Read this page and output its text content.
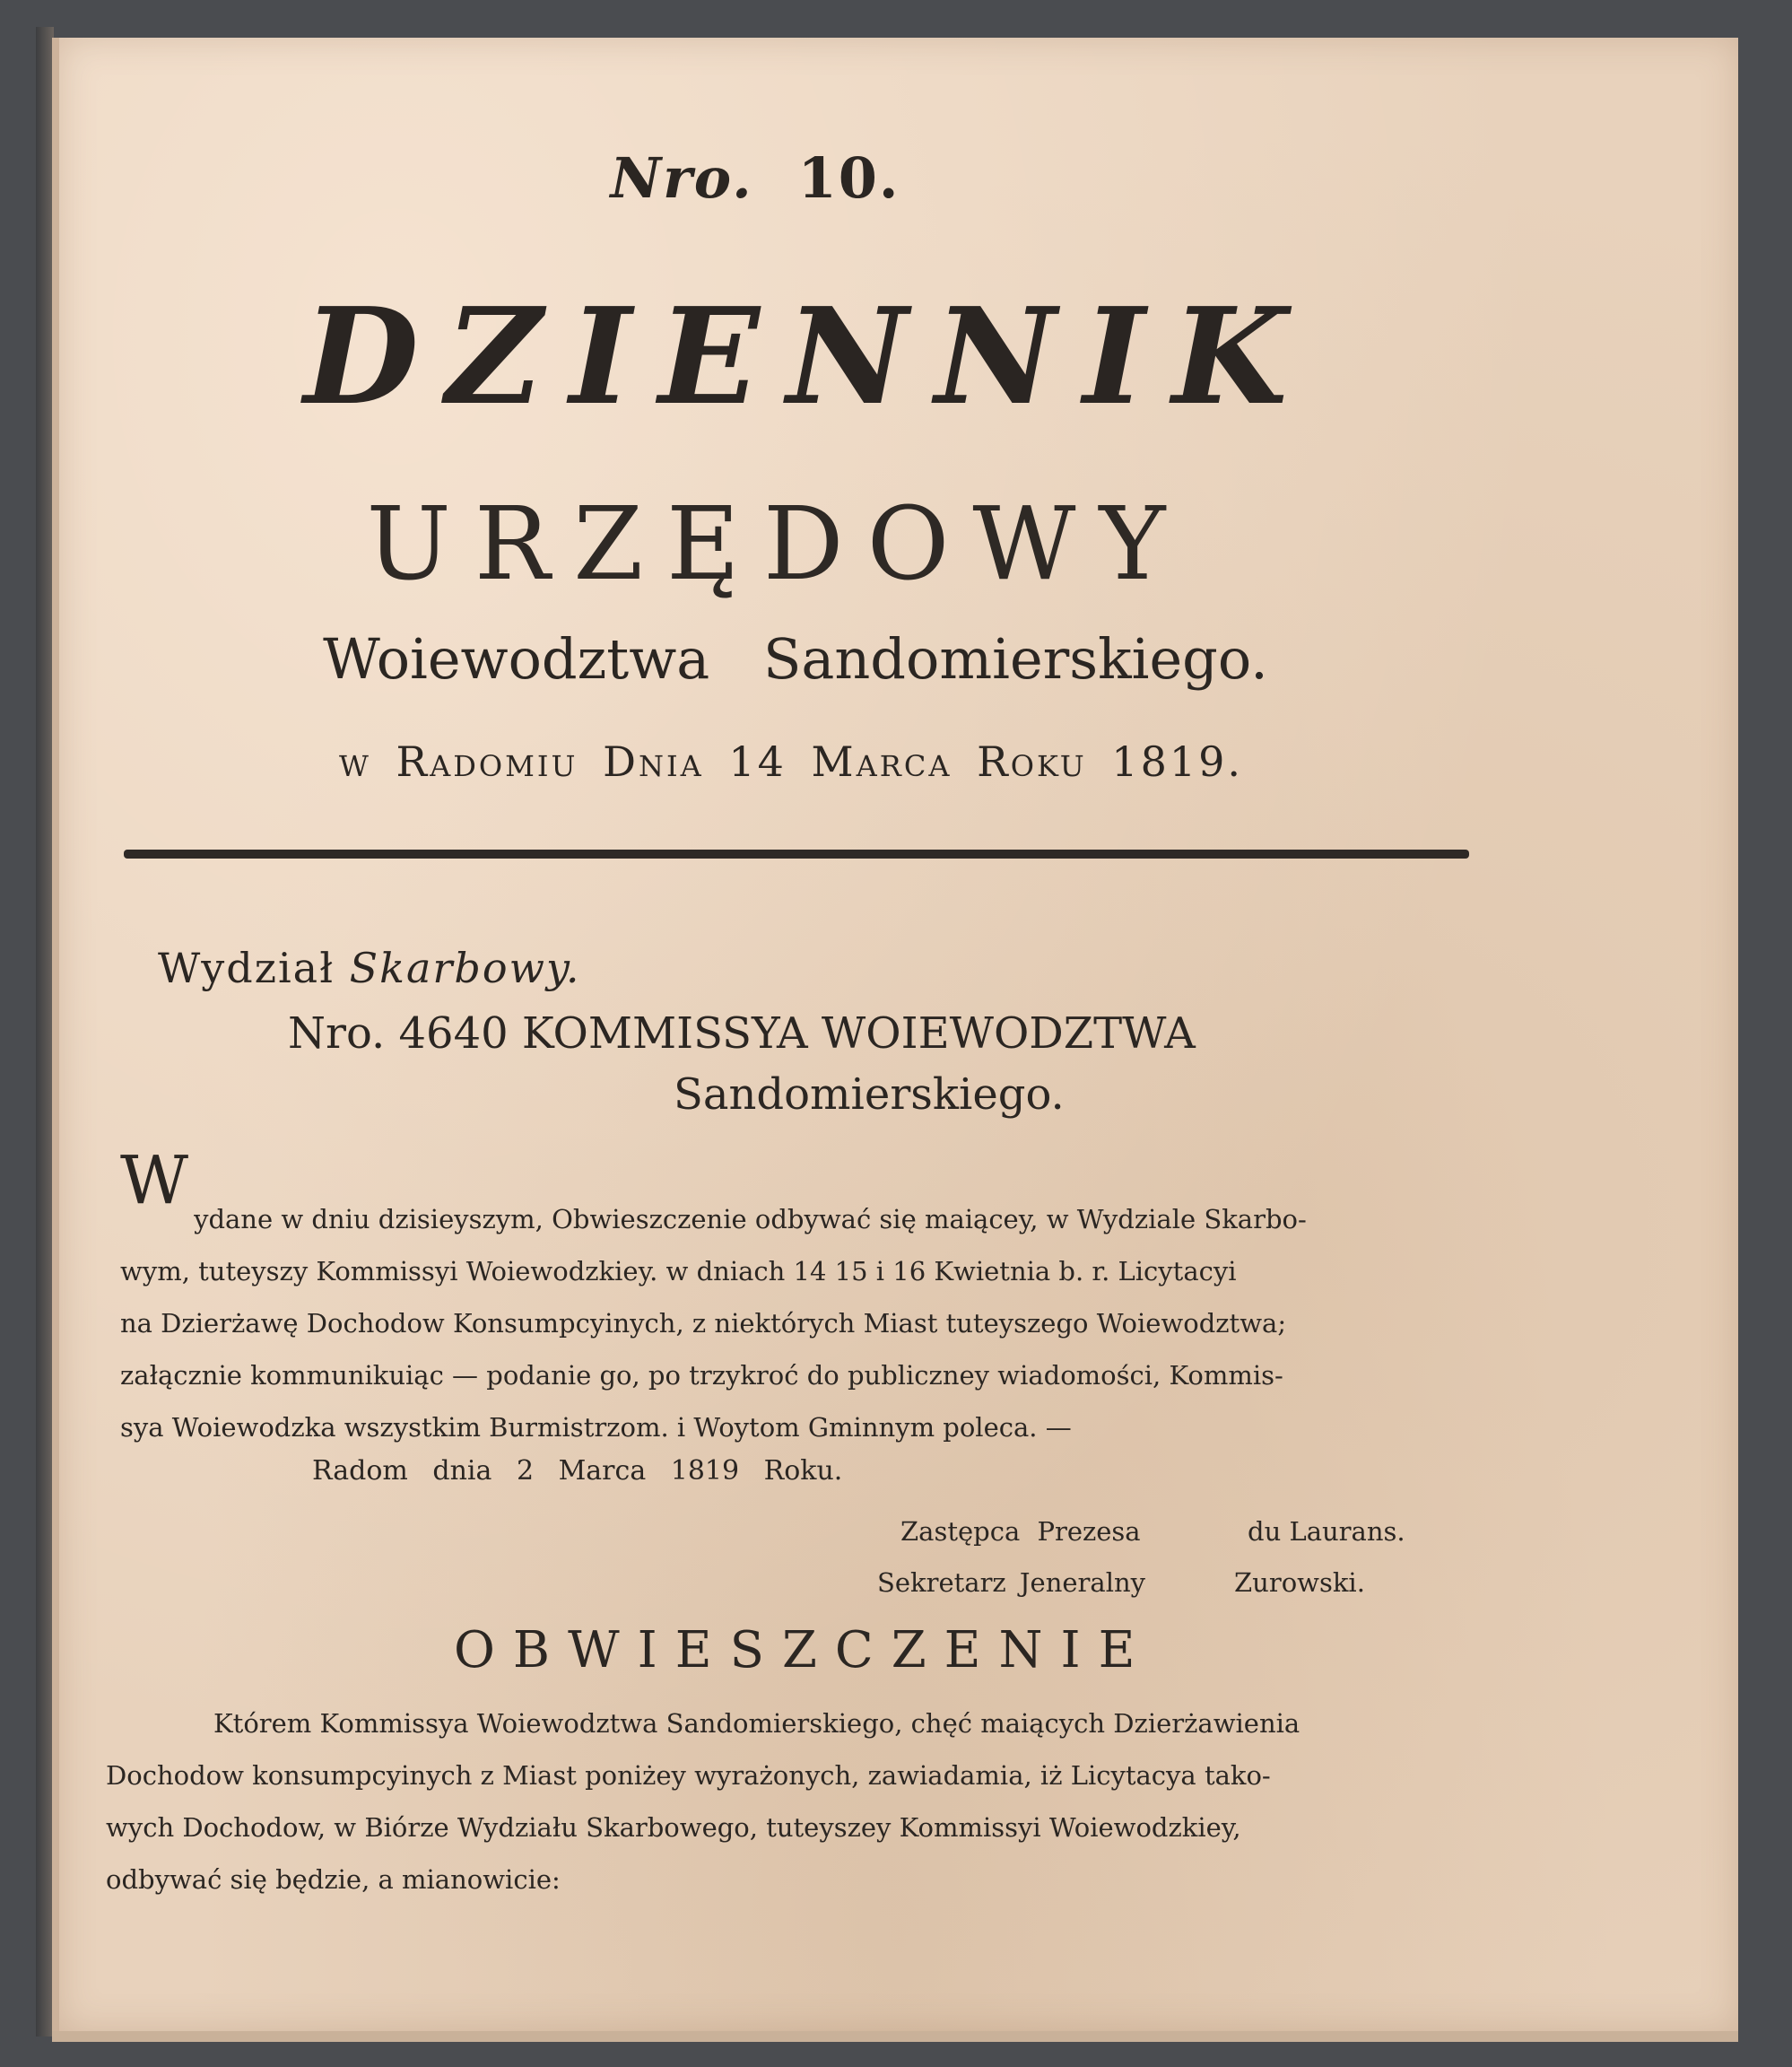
Nro. 10.
DZIENNIK
URZĘDOWY
Woiewodztwa Sandomierskiego.
w Radomiu Dnia 14 Marca Roku 1819.
Wydział Skarbowy.
Nro. 4640 KOMMISSYA WOIEWODZTWA
Sandomierskiego.
W ydane w dniu dzisieyszym, Obwieszczenie odbywać się maiącey, w Wydziale Skarbo-
wym, tuteyszy Kommissyi Woiewodzkiey. w dniach 14 15 i 16 Kwietnia b. r. Licytacyi
na Dzierżawę Dochodow Konsumpcyinych, z niektórych Miast tuteyszego Woiewodztwa;
załącznie kommunikuiąc — podanie go, po trzykroć do publiczney wiadomości, Kommis-
sya Woiewodzka wszystkim Burmistrzom. i Woytom Gminnym poleca. —
Radom dnia 2 Marca 1819 Roku.
Zastępca Prezesa	du Laurans.
Sekretarz Jeneralny	Zurowski.
OBWIESZCZENIE
Którem Kommissya Woiewodztwa Sandomierskiego, chęć maiących Dzierżawienia
Dochodow konsumpcyinych z Miast poniżey wyrażonych, zawiadamia, iż Licytacya tako-
wych Dochodow, w Biórze Wydziału Skarbowego, tuteyszey Kommissyi Woiewodzkiey,
odbywać się będzie, a mianowicie:
